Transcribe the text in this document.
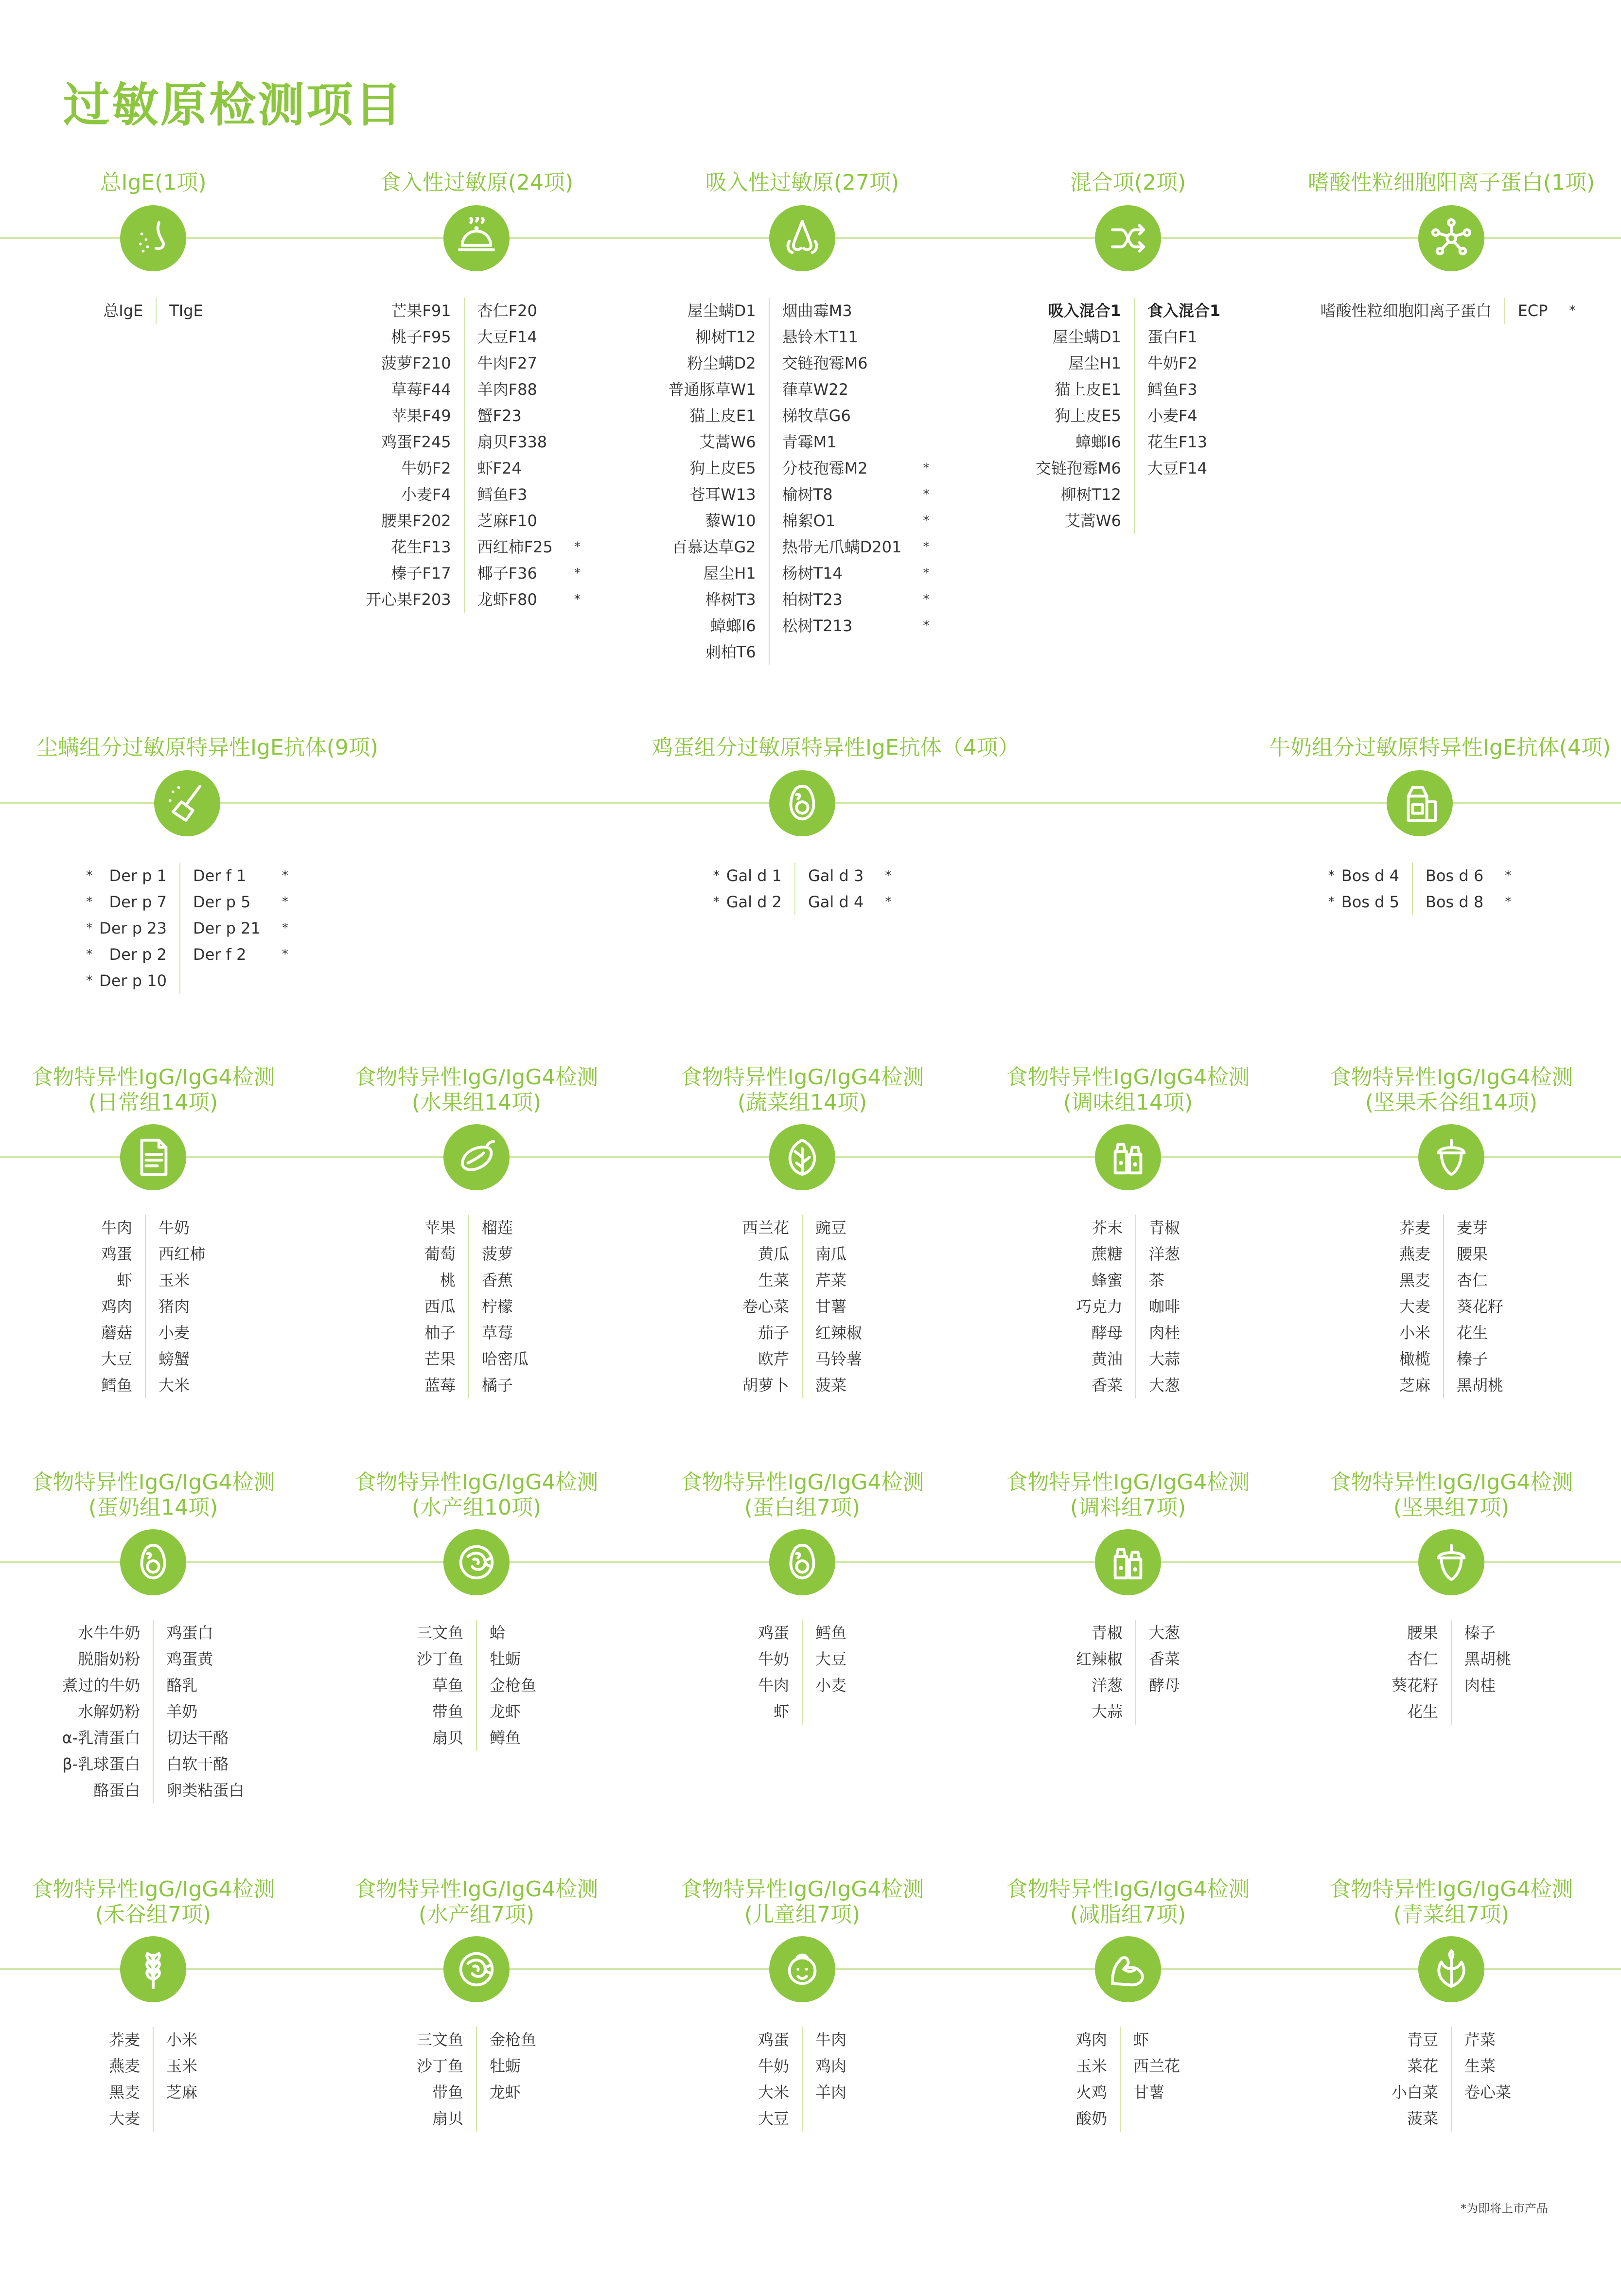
过敏原检测项目
总IgE(1项)
总IgE TIgE
食入性过敏原(24项)
芒果F91
桃子F95
菠萝F210
草莓F44
苹果F49
鸡蛋F245
牛奶F2
小麦F4
腰果F202
花生F13
榛子F17
开心果F203
杏仁F20
大豆F14
牛肉F27
羊肉F88
蟹F23
扇贝F338
虾F24
鳕鱼F3
芝麻F10
西红柿F25
椰子F36
龙虾F80
*
*
*
吸入性过敏原(27项)
屋尘螨D1
柳树T12
粉尘螨D2
普通豚草W1
猫上皮E1
艾蒿W6
狗上皮E5
苍耳W13
藜W10
百慕达草G2
屋尘H1
桦树T3
蟑螂I6
刺柏T6
烟曲霉M3
悬铃木T11
交链孢霉M6
葎草W22
梯牧草G6
青霉M1
分枝孢霉M2
榆树T8
棉絮O1
热带无爪螨D201
杨树T14
柏树T23
松树T213
*
*
*
*
*
*
*
混合项(2项)
吸入混合1
屋尘螨D1
屋尘H1
猫上皮E1
狗上皮E5
蟑螂I6
交链孢霉M6
柳树T12
艾蒿W6
食入混合1
蛋白F1
牛奶F2
鳕鱼F3
小麦F4
花生F13
大豆F14
嗜酸性粒细胞阳离子蛋白(1项)
嗜酸性粒细胞阳离子蛋白 ECP	*
尘螨组分过敏原特异性IgE抗体(9项)
*
*
*
*
*
Der p 1
Der p 7
Der p 23
Der p 2
Der p 10
Der f 1
Der p 5
Der p 21
Der f 2
*
*
*
*
鸡蛋组分过敏原特异性IgE抗体（4项）
*
*
Gal d 1
Gal d 2
Gal d 3
Gal d 4
*
*
牛奶组分过敏原特异性IgE抗体(4项)
*
*
Bos d 4
Bos d 5
Bos d 6
Bos d 8
*
*
食物特异性IgG/IgG4检测
(日常组14项)
牛肉
鸡蛋
虾
鸡肉
蘑菇
大豆
鳕鱼
牛奶
西红柿
玉米
猪肉
小麦
螃蟹
大米
食物特异性IgG/IgG4检测
(水果组14项)
苹果
葡萄
桃
西瓜
柚子
芒果
蓝莓
榴莲
菠萝
香蕉
柠檬
草莓
哈密瓜
橘子
食物特异性IgG/IgG4检测
(蔬菜组14项)
西兰花
黄瓜
生菜
卷心菜
茄子
欧芹
胡萝卜
豌豆
南瓜
芹菜
甘薯
红辣椒
马铃薯
菠菜
食物特异性IgG/IgG4检测
(调味组14项)
芥末
蔗糖
蜂蜜
巧克力
酵母
黄油
香菜
青椒
洋葱
茶
咖啡
肉桂
大蒜
大葱
食物特异性IgG/IgG4检测
(坚果禾谷组14项)
荞麦
燕麦
黑麦
大麦
小米
橄榄
芝麻
麦芽
腰果
杏仁
葵花籽
花生
榛子
黑胡桃
食物特异性IgG/IgG4检测
(蛋奶组14项)
水牛牛奶
脱脂奶粉
煮过的牛奶
水解奶粉
α-乳清蛋白
β-乳球蛋白
酪蛋白
鸡蛋白
鸡蛋黄
酪乳
羊奶
切达干酪
白软干酪
卵类粘蛋白
食物特异性IgG/IgG4检测
(水产组10项)
三文鱼
沙丁鱼
草鱼
带鱼
扇贝
蛤
牡蛎
金枪鱼
龙虾
鳟鱼
食物特异性IgG/IgG4检测
(蛋白组7项)
鸡蛋
牛奶
牛肉
虾
鳕鱼
大豆
小麦
食物特异性IgG/IgG4检测
(调料组7项)
青椒
红辣椒
洋葱
大蒜
大葱
香菜
酵母
食物特异性IgG/IgG4检测
(坚果组7项)
腰果
杏仁
葵花籽
花生
榛子
黑胡桃
肉桂
食物特异性IgG/IgG4检测
(禾谷组7项)
荞麦
燕麦
黑麦
大麦
小米
玉米
芝麻
食物特异性IgG/IgG4检测
(水产组7项)
三文鱼
沙丁鱼
带鱼
扇贝
金枪鱼
牡蛎
龙虾
食物特异性IgG/IgG4检测
(儿童组7项)
鸡蛋
牛奶
大米
大豆
牛肉
鸡肉
羊肉
食物特异性IgG/IgG4检测
(减脂组7项)
鸡肉
玉米
火鸡
酸奶
虾
西兰花
甘薯
食物特异性IgG/IgG4检测
(青菜组7项)
青豆
菜花
小白菜
菠菜
芹菜
生菜
卷心菜
*为即将上市产品
